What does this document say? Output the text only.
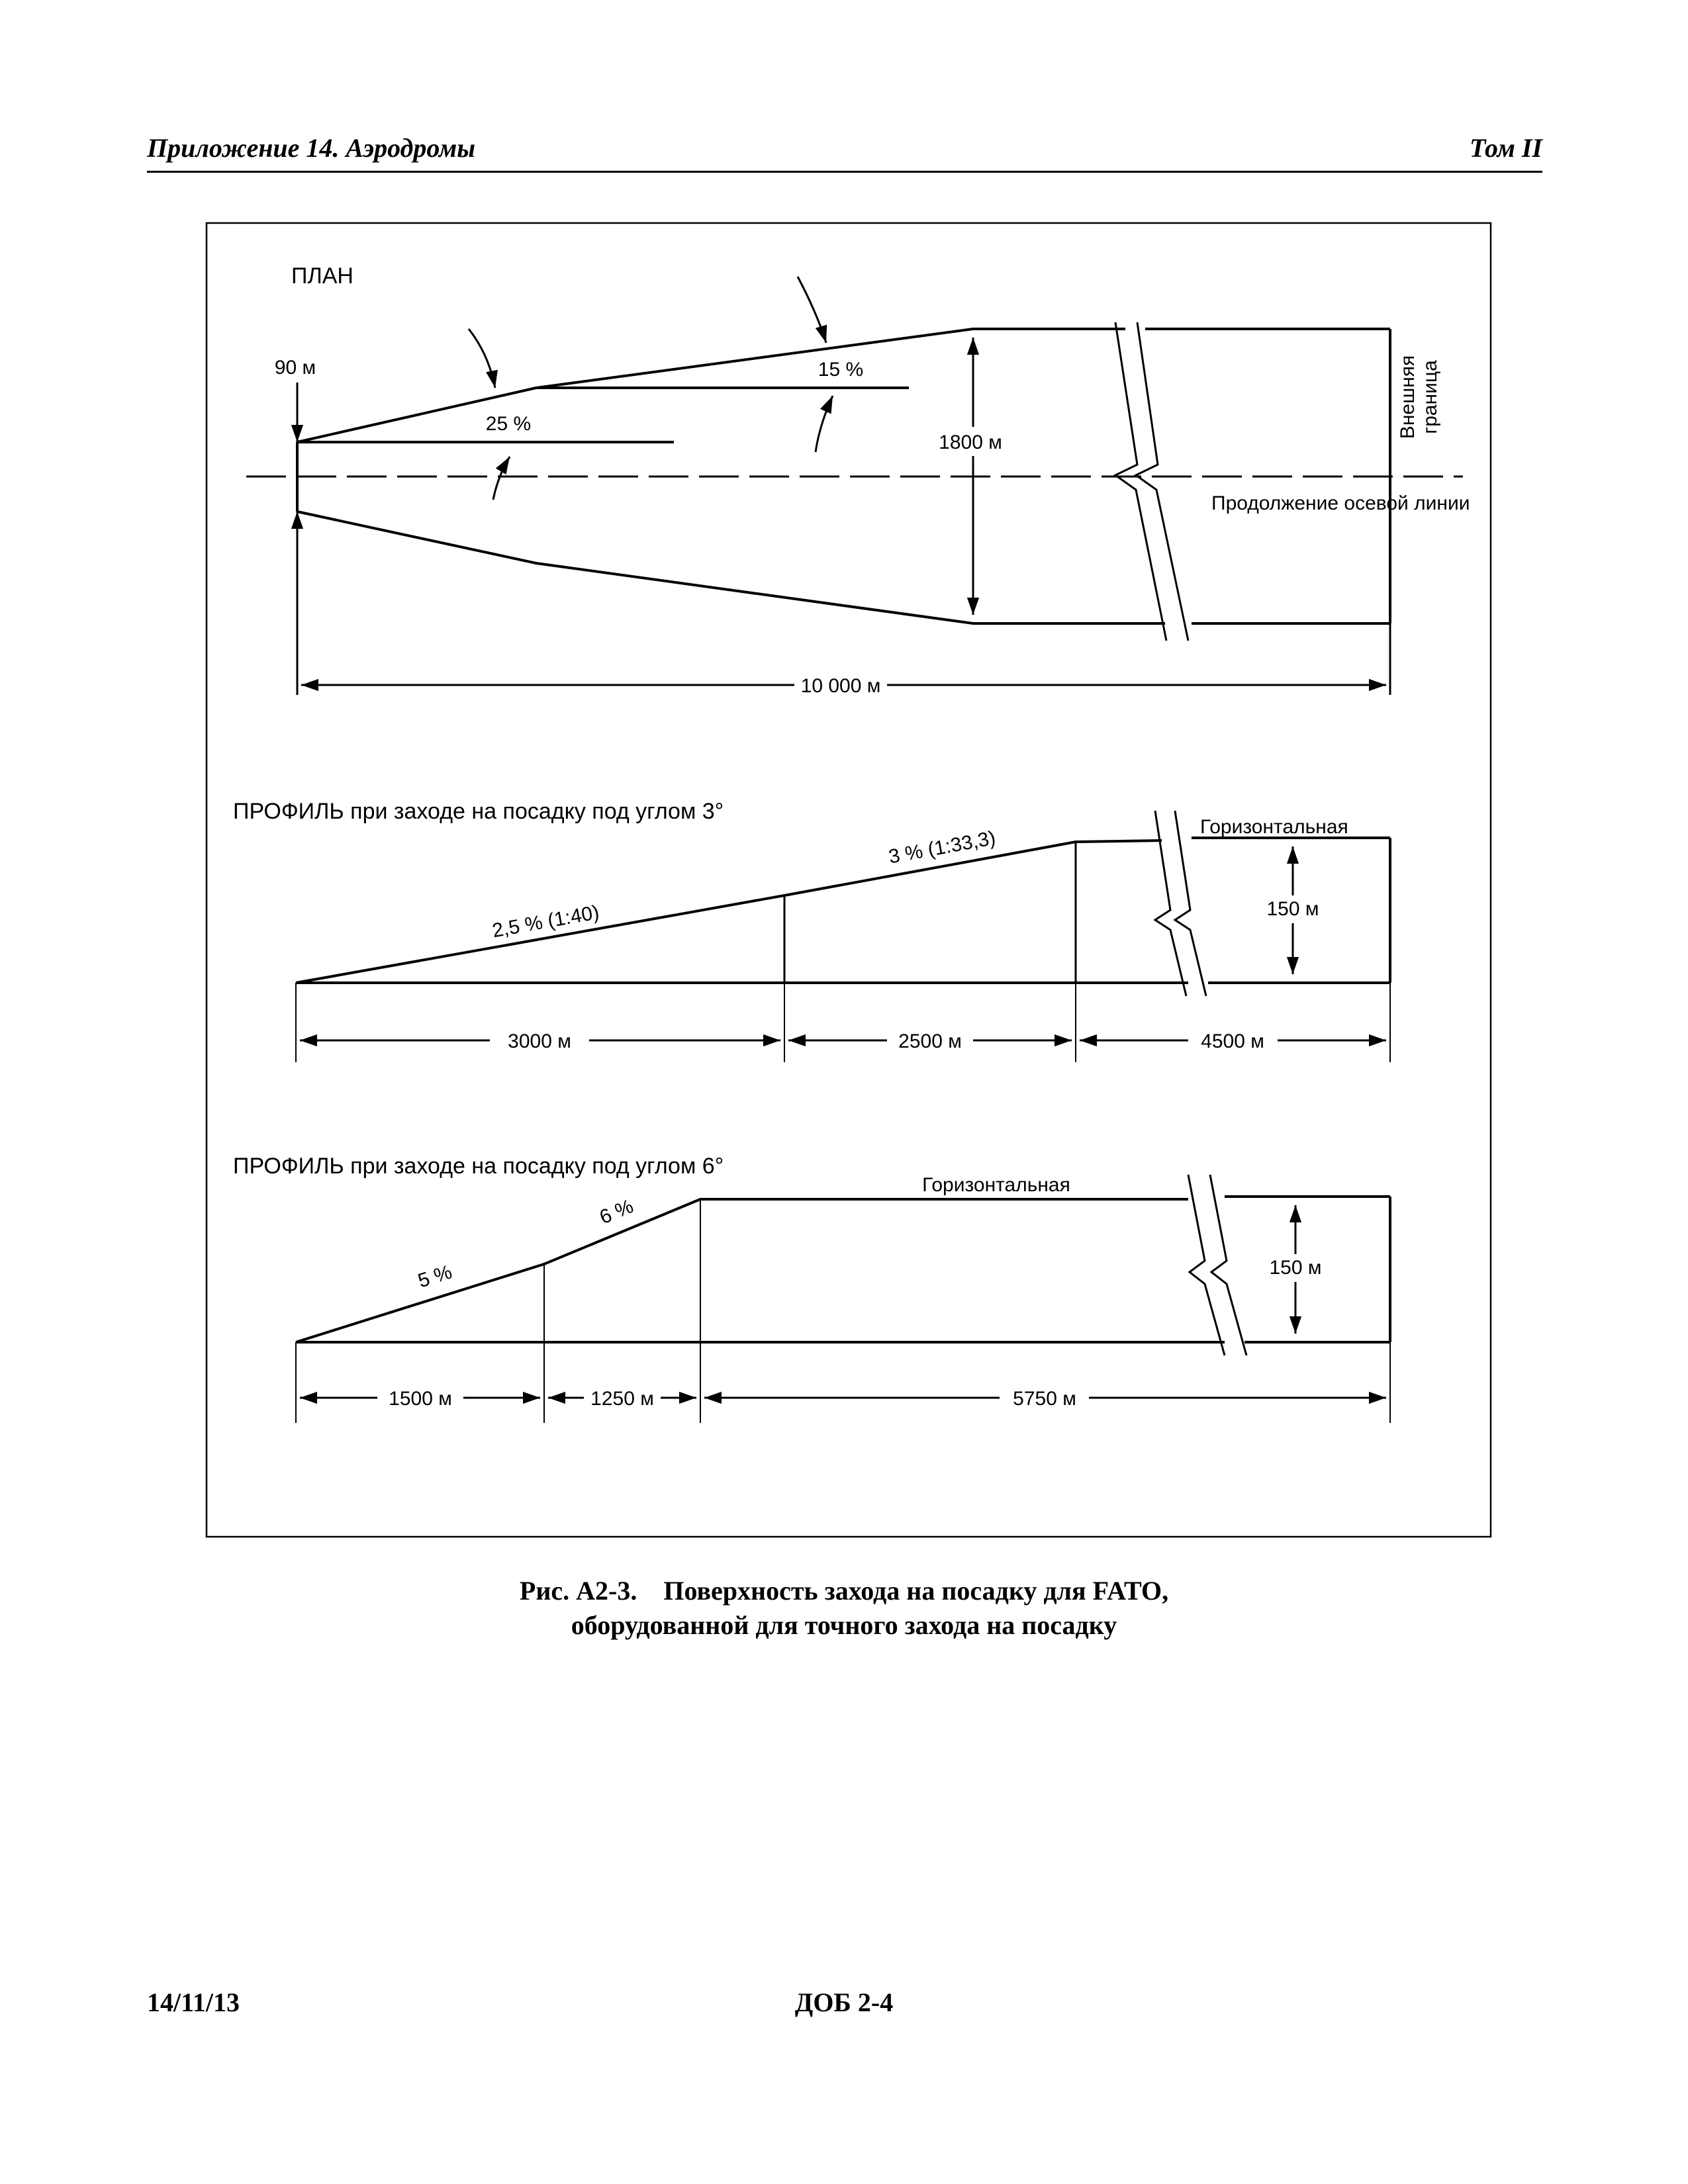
Приложение 14. Аэродромы	Том II
ПЛАН
90 м
25 %
15 %
1800 м
Внешняя граница
Продолжение осевой линии
10 000 м
ПРОФИЛЬ при заходе на посадку под углом 3°
2,5 % (1:40)
3 % (1:33,3)
Горизонтальная
150 м
3000 м	2500 м	4500 м
ПРОФИЛЬ при заходе на посадку под углом 6°
5 %
6 %
Горизонтальная
150 м
1500 м	1250 м	5750 м
Рис. A2-3.    Поверхность захода на посадку для FATO,
оборудованной для точного захода на посадку
14/11/13	ДОБ 2-4
